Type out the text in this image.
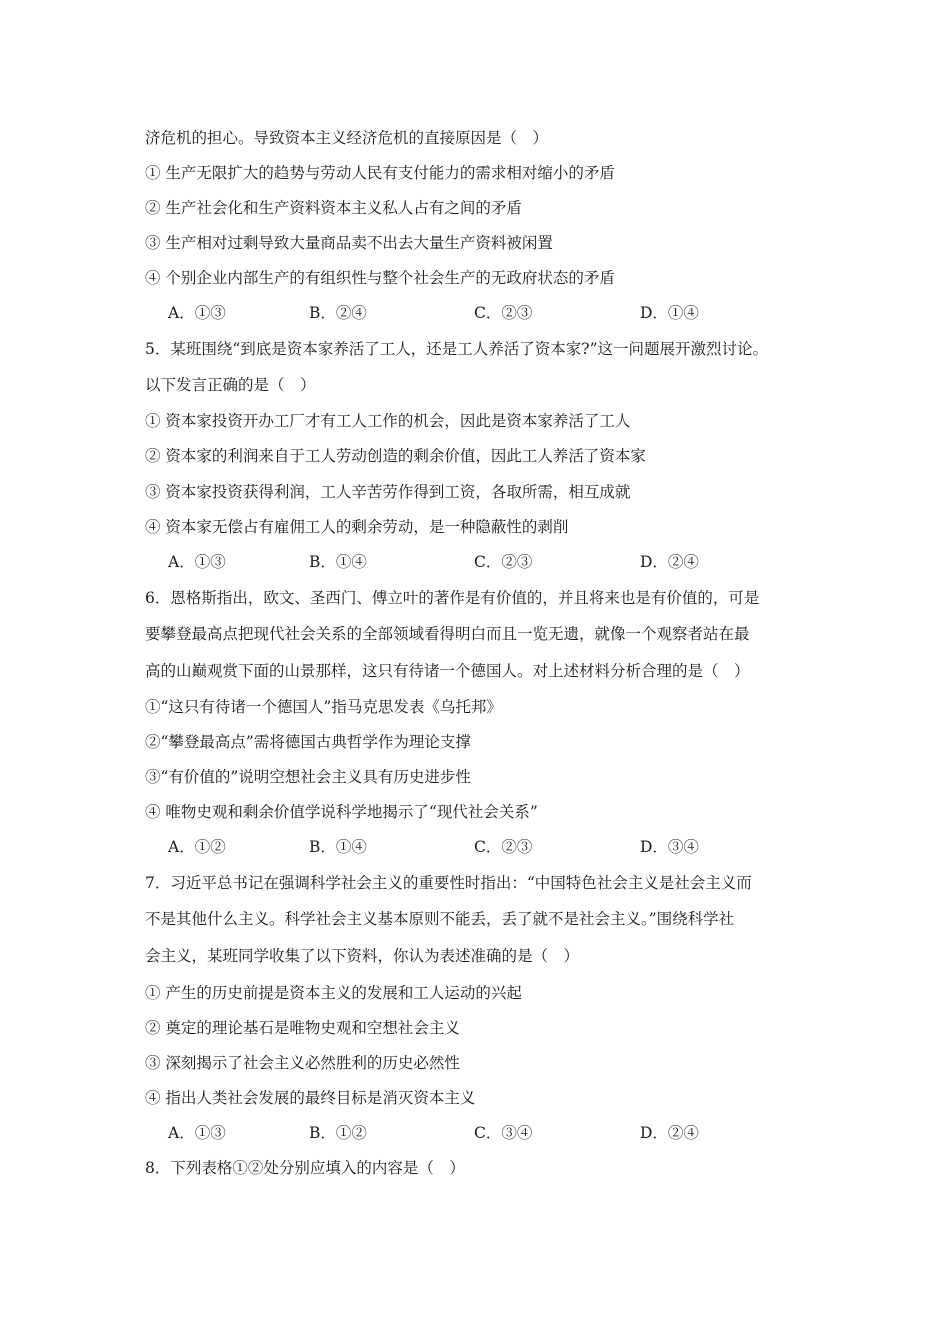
济危机的担心。导致资本主义经济危机的直接原因是（　）
① 生产无限扩大的趋势与劳动人民有支付能力的需求相对缩小的矛盾
② 生产社会化和生产资料资本主义私人占有之间的矛盾
③ 生产相对过剩导致大量商品卖不出去大量生产资料被闲置
④ 个别企业内部生产的有组织性与整个社会生产的无政府状态的矛盾
A．①③	B．②④	C．②③	D．①④
5．某班围绕“到底是资本家养活了工人，还是工人养活了资本家?”这一问题展开激烈讨论。
以下发言正确的是（　）
① 资本家投资开办工厂才有工人工作的机会，因此是资本家养活了工人
② 资本家的利润来自于工人劳动创造的剩余价值，因此工人养活了资本家
③ 资本家投资获得利润，工人辛苦劳作得到工资，各取所需，相互成就
④ 资本家无偿占有雇佣工人的剩余劳动，是一种隐蔽性的剥削
A．①③	B．①④	C．②③	D．②④
6．恩格斯指出，欧文、圣西门、傅立叶的著作是有价值的，并且将来也是有价值的，可是
要攀登最高点把现代社会关系的全部领域看得明白而且一览无遗，就像一个观察者站在最
高的山巅观赏下面的山景那样，这只有待诸一个德国人。对上述材料分析合理的是（　）
①“这只有待诸一个德国人”指马克思发表《乌托邦》
②“攀登最高点”需将德国古典哲学作为理论支撑
③“有价值的”说明空想社会主义具有历史进步性
④ 唯物史观和剩余价值学说科学地揭示了“现代社会关系”
A．①②	B．①④	C．②③	D．③④
7．习近平总书记在强调科学社会主义的重要性时指出：“中国特色社会主义是社会主义而
不是其他什么主义。科学社会主义基本原则不能丢，丢了就不是社会主义。”围绕科学社
会主义，某班同学收集了以下资料，你认为表述准确的是（　）
① 产生的历史前提是资本主义的发展和工人运动的兴起
② 奠定的理论基石是唯物史观和空想社会主义
③ 深刻揭示了社会主义必然胜利的历史必然性
④ 指出人类社会发展的最终目标是消灭资本主义
A．①③	B．①②	C．③④	D．②④
8．下列表格①②处分别应填入的内容是（　）
